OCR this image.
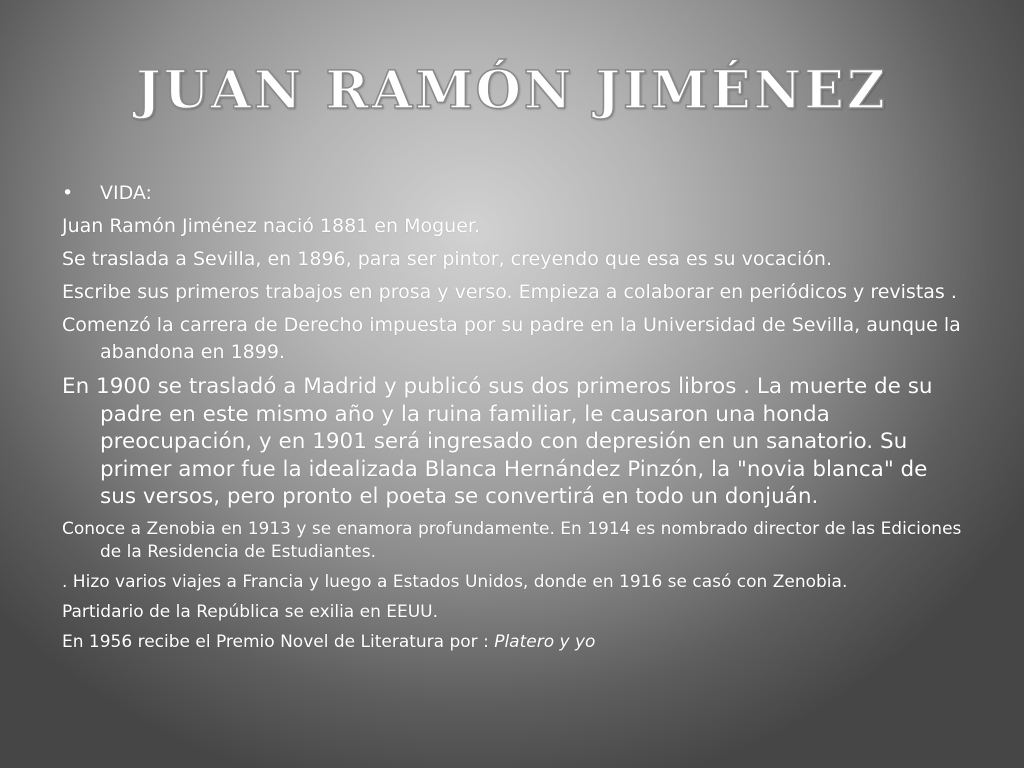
JUAN RAMÓN JIMÉNEZ
• VIDA:

Juan Ramón Jiménez nació 1881 en Moguer.

Se traslada a Sevilla, en 1896, para ser pintor, creyendo que esa es su vocación.

Escribe sus primeros trabajos en prosa y verso. Empieza a colaborar en periódicos y revistas .

Comenzó la carrera de Derecho impuesta por su padre en la Universidad de Sevilla, aunque la abandona en 1899.

En 1900 se trasladó a Madrid y publicó sus dos primeros libros . La muerte de su padre en este mismo año y la ruina familiar, le causaron una honda preocupación, y en 1901 será ingresado con depresión en un sanatorio. Su primer amor fue la idealizada Blanca Hernández Pinzón, la "novia blanca" de sus versos, pero pronto el poeta se convertirá en todo un donjuán.

Conoce a Zenobia en 1913 y se enamora profundamente. En 1914 es nombrado director de las Ediciones de la Residencia de Estudiantes.

. Hizo varios viajes a Francia y luego a Estados Unidos, donde en 1916 se casó con Zenobia.

Partidario de la República se exilia en EEUU.

En 1956 recibe el Premio Novel de Literatura por : Platero y yo
